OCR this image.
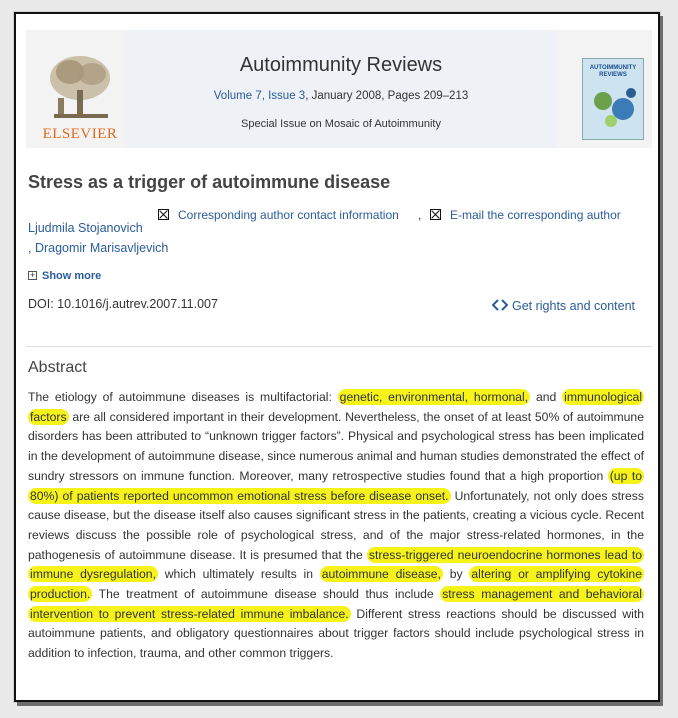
ELSEVIER
Autoimmunity Reviews
Volume 7, Issue 3, January 2008, Pages 209–213
Special Issue on Mosaic of Autoimmunity
AUTOIMMUNITY REVIEWS
Stress as a trigger of autoimmune disease
Corresponding author contact information , E-mail the corresponding author
Ljudmila Stojanovich
, Dragomir Marisavljevich
+ Show more
DOI: 10.1016/j.autrev.2007.11.007	Get rights and content
Abstract
The etiology of autoimmune diseases is multifactorial: genetic, environmental, hormonal, and immunological factors are all considered important in their development. Nevertheless, the onset of at least 50% of autoimmune disorders has been attributed to “unknown trigger factors”. Physical and psychological stress has been implicated in the development of autoimmune disease, since numerous animal and human studies demonstrated the effect of sundry stressors on immune function. Moreover, many retrospective studies found that a high proportion (up to 80%) of patients reported uncommon emotional stress before disease onset. Unfortunately, not only does stress cause disease, but the disease itself also causes significant stress in the patients, creating a vicious cycle. Recent reviews discuss the possible role of psychological stress, and of the major stress-related hormones, in the pathogenesis of autoimmune disease. It is presumed that the stress-triggered neuroendocrine hormones lead to immune dysregulation, which ultimately results in autoimmune disease, by altering or amplifying cytokine production. The treatment of autoimmune disease should thus include stress management and behavioral intervention to prevent stress-related immune imbalance. Different stress reactions should be discussed with autoimmune patients, and obligatory questionnaires about trigger factors should include psychological stress in addition to infection, trauma, and other common triggers.
